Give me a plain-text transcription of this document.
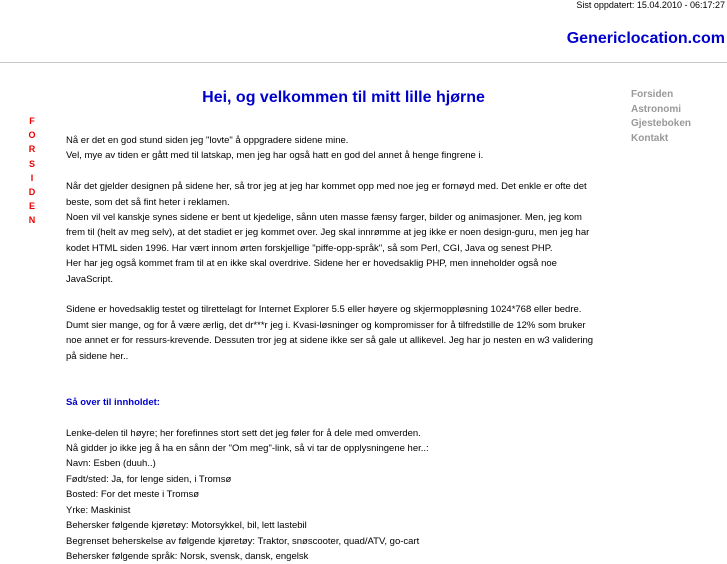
Sist oppdatert: 15.04.2010 - 06:17:27
Genericlocation.com
F
O
R
S
I
D
E
N
Hei, og velkommen til mitt lille hjørne	Forsiden
Astronomi
Gjesteboken
Kontakt

Nå er det en god stund siden jeg "lovte" å oppgradere sidene mine.

Vel, mye av tiden er gått med til latskap, men jeg har også hatt en god del annet å henge fingrene i.

Når det gjelder designen på sidene her, så tror jeg at jeg har kommet opp med noe jeg er fornøyd med. Det enkle er ofte det

beste, som det så fint heter i reklamen.

Noen vil vel kanskje synes sidene er bent ut kjedelige, sånn uten masse fænsy farger, bilder og animasjoner. Men, jeg kom

frem til (helt av meg selv), at det stadiet er jeg kommet over. Jeg skal innrømme at jeg ikke er noen design-guru, men jeg har

kodet HTML siden 1996. Har vært innom ørten forskjellige "piffe-opp-språk", så som Perl, CGI, Java og senest PHP.

Her har jeg også kommet fram til at en ikke skal overdrive. Sidene her er hovedsaklig PHP, men inneholder også noe

JavaScript.

Sidene er hovedsaklig testet og tilrettelagt for Internet Explorer 5.5 eller høyere og skjermoppløsning 1024*768 eller bedre.

Dumt sier mange, og for å være ærlig, det dr***r jeg i. Kvasi-løsninger og kompromisser for å tilfredstille de 12% som bruker

noe annet er for ressurs-krevende. Dessuten tror jeg at sidene ikke ser så gale ut allikevel. Jeg har jo nesten en w3 validering

på sidene her..

Så over til innholdet:

Lenke-delen til høyre; her forefinnes stort sett det jeg føler for å dele med omverden.

Nå gidder jo ikke jeg å ha en sånn der "Om meg"-link, så vi tar de opplysningene her..:

Navn: Esben (duuh..)

Født/sted: Ja, for lenge siden, i Tromsø

Bosted: For det meste i Tromsø

Yrke: Maskinist

Behersker følgende kjøretøy: Motorsykkel, bil, lett lastebil

Begrenset beherskelse av følgende kjøretøy: Traktor, snøscooter, quad/ATV, go-cart

Behersker følgende språk: Norsk, svensk, dansk, engelsk
